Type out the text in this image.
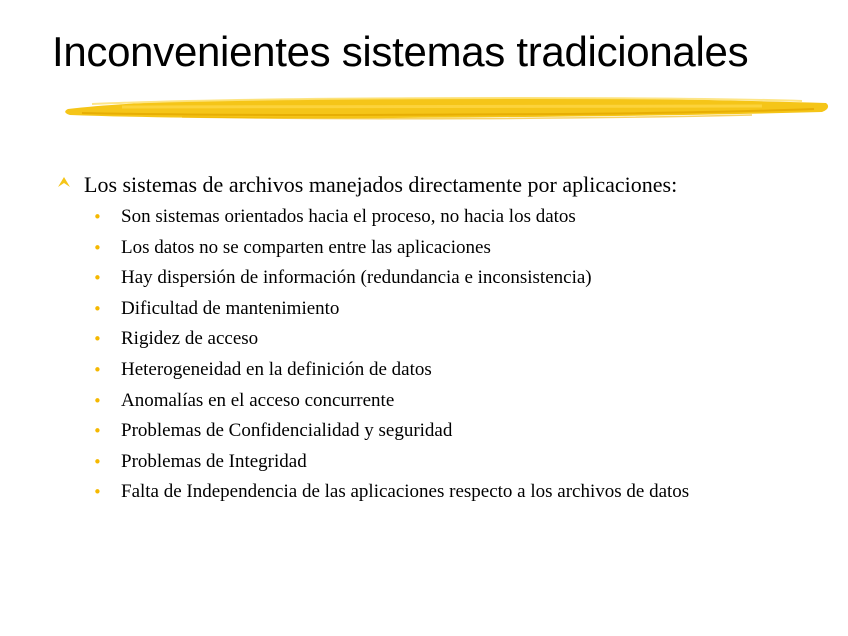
Inconvenientes sistemas tradicionales
Los sistemas de archivos manejados directamente por aplicaciones:
• Son sistemas orientados hacia el proceso, no hacia los datos
• Los datos no se comparten entre las aplicaciones
• Hay dispersión de información (redundancia e inconsistencia)
• Dificultad de mantenimiento
• Rigidez de acceso
• Heterogeneidad en la definición de datos
• Anomalías en el acceso concurrente
• Problemas de Confidencialidad y seguridad
• Problemas de Integridad
• Falta de Independencia de las aplicaciones respecto a los archivos de datos
